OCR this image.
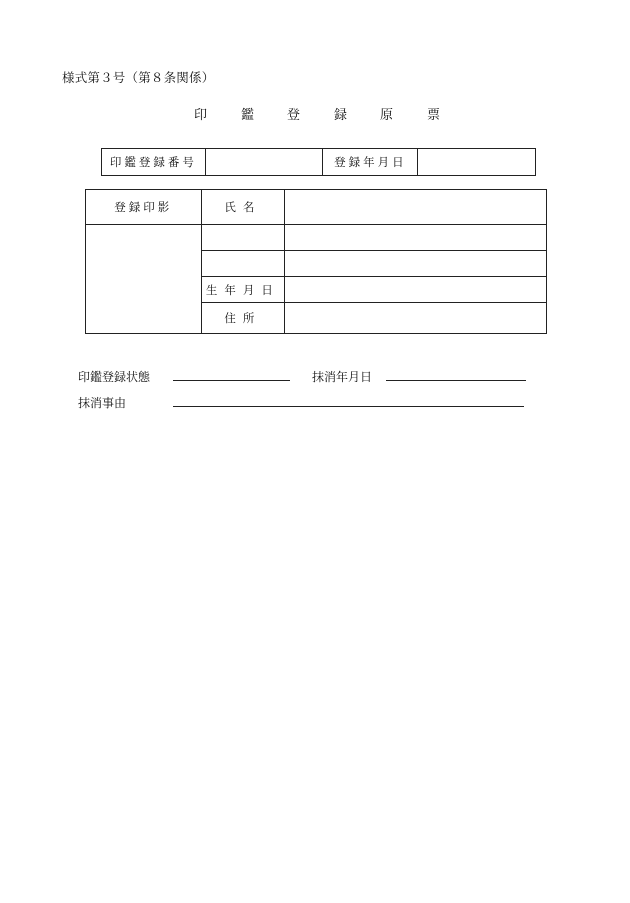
様式第３号（第８条関係）
印	鑑	登	録	原	票
印鑑登録番号		登録年月日	
登録印影	氏名	

	生年月日	
	住所	
印鑑登録状態	抹消年月日
抹消事由
